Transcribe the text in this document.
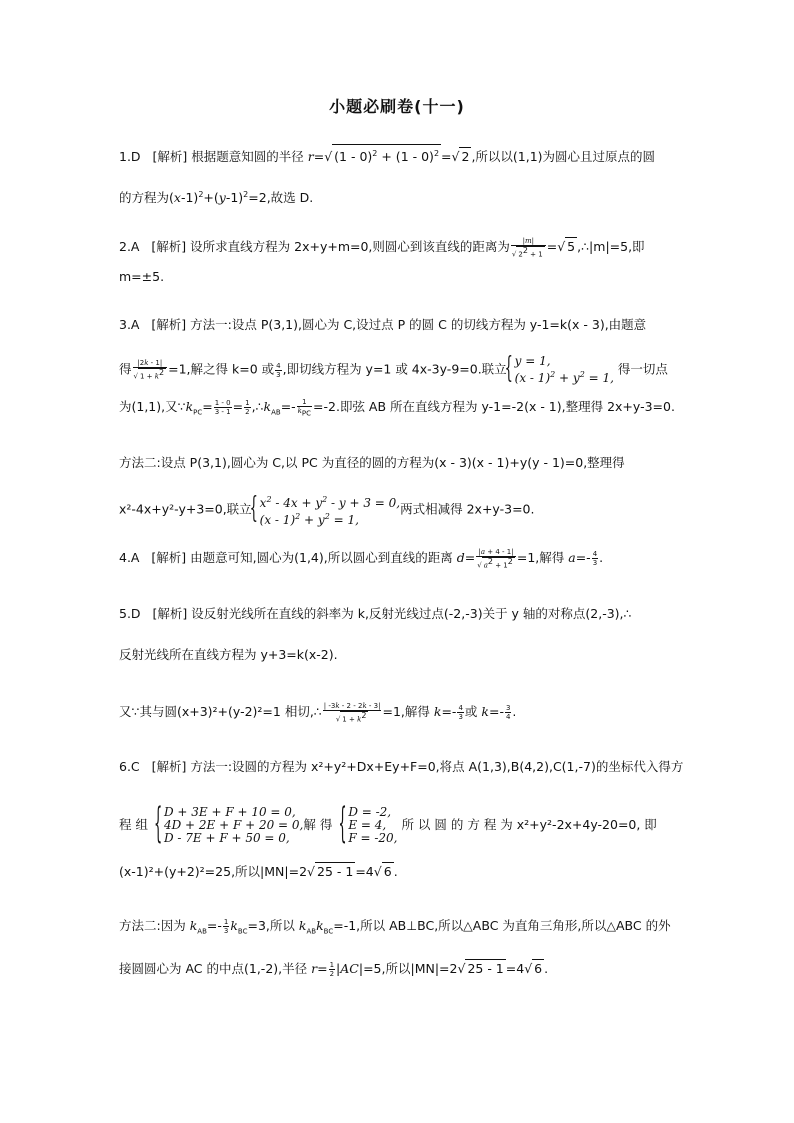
小题必刷卷(十一)
1.D [解析] 根据题意知圆的半径 r=√ (1 - 0)$^2$ + (1 - 0)$^2$ =√ 2 ,所以以(1,1)为圆心且过原点的圆
的方程为$(x-1)^2+(y-1)^2=2$,故选 D.
2.A [解析] 设所求直线方程为 2x+y+m=0,则圆心到该直线的距离为 $\frac{|m|}{√ 2^2 + 1}$ =√ 5 ,∴|m|=5,即
m=±5.
3.A [解析] 方法一:设点 P(3,1),圆心为 C,设过点 P 的圆 C 的切线方程为 y-1=k(x - 3),由题意
得 $\frac{|2k - 1|}{√ 1 + k^2} =1$,解之得 k=0 或 $\frac{4}{3}$ ,即切线方程为 y=1 或 4x-3y-9=0.联立
{ y = 1,
$(x - 1)^2 + y^2 = 1$,
得一切点
为(1,1),又$\because k_{PC}= \frac{1 - 0}{3 - 1} = \frac{1}{2}$ $,\therefore k_{AB}=- \frac{1}{k_{PC}} =-2$.即弦 AB 所在直线方程为 y-1=-2(x - 1),整理得 2x+y-3=0.
方法二:设点 P(3,1),圆心为 C,以 PC 为直径的圆的方程为(x - 3)(x - 1)+y(y - 1)=0,整理得
x²-4x+y²-y+3=0,联立
{ $x^2 - 4x + y^2 - y + 3 = 0$,
$(x - 1)^2 + y^2 = 1$,
两式相减得 2x+y-3=0.
4.A [解析] 由题意可知,圆心为(1,4),所以圆心到直线的距离 $d= \frac{|a + 4 - 1|}{√ a^2 + 1^2} =1$,解得 $a=- \frac{4}{3}$ .
5.D [解析] 设反射光线所在直线的斜率为 k,反射光线过点(-2,-3)关于 y 轴的对称点(2,-3),∴
反射光线所在直线方程为 y+3=k(x-2).
又∵其与圆(x+3)²+(y-2)²=1 相切,∴ $\frac{| -3k - 2 - 2k - 3|}{√ 1 + k^2} =1$,解得 $k=- \frac{4}{3}$ 或 $k=- \frac{3}{4}$ .
6.C [解析] 方法一:设圆的方程为 x²+y²+Dx+Ey+F=0,将点 A(1,3),B(4,2),C(1,-7)的坐标代入得方
程 组
{ D + 3E + F + 10 = 0,
4D + 2E + F + 20 = 0,
D - 7E + F + 50 = 0,
解 得
{ D = -2,
E = 4,
F = -20,
所 以 圆 的 方 程 为 x²+y²-2x+4y-20=0, 即
(x-1)²+(y+2)²=25,所以|MN|=2√ 25 - 1 =4√ 6 .
方法二:因为 $k_{AB}=- \frac{1}{3} k_{BC}=3$,所以 $k_{AB}k_{BC}=-1$,所以 AB⊥BC,所以△ABC 为直角三角形,所以△ABC 的外
接圆圆心为 AC 的中点(1,-2),半径 $r= \frac{1}{2} |AC|=5$,所以|MN|=2√ 25 - 1 =4√ 6 .
